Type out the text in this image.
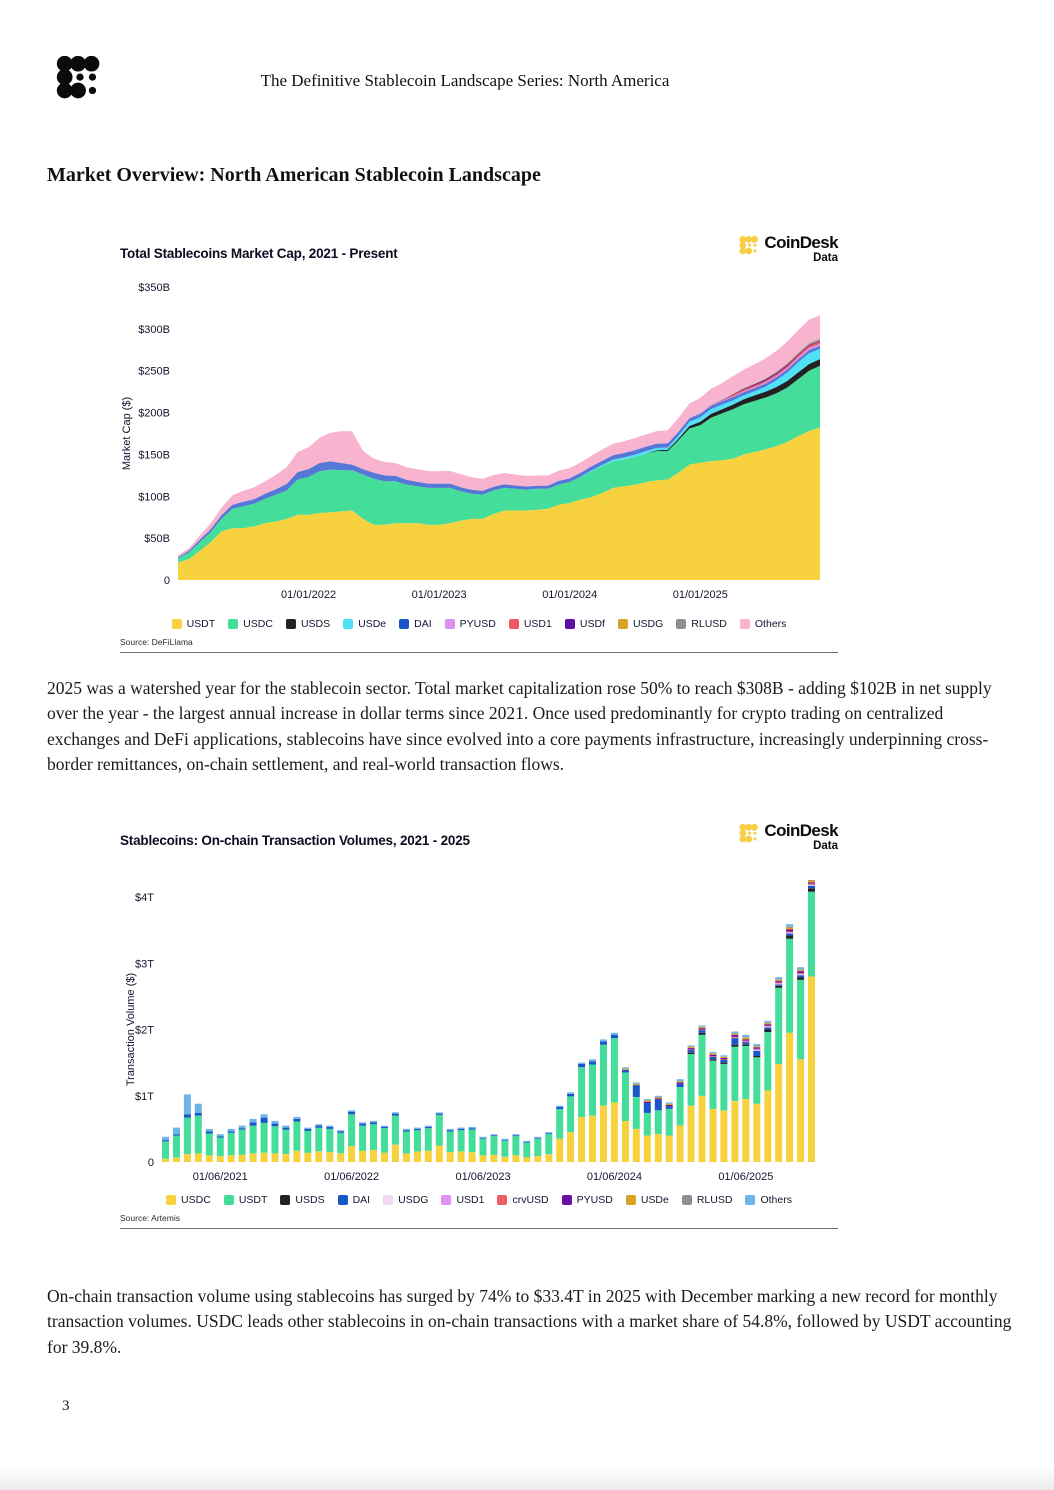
The Definitive Stablecoin Landscape Series: North America
Market Overview: North American Stablecoin Landscape
Total Stablecoins Market Cap, 2021 - Present
CoinDesk
Data
$350B
$300B
$250B
$200B
$150B
$100B
$50B
0
Market Cap ($)
01/01/2022	01/01/2023	01/01/2024	01/01/2025
USDT	USDC	USDS	USDe	DAI	PYUSD	USD1	USDf	USDG	RLUSD	Others
Source: DeFiLlama

2025 was a watershed year for the stablecoin sector. Total market capitalization rose 50% to reach $308B - adding $102B in net supply over the year - the largest annual increase in dollar terms since 2021. Once used predominantly for crypto trading on centralized exchanges and DeFi applications, stablecoins have since evolved into a core payments infrastructure, increasingly underpinning cross-border remittances, on-chain settlement, and real-world transaction flows.

Stablecoins: On-chain Transaction Volumes, 2021 - 2025
CoinDesk
Data
$4T
$3T
$2T
$1T
0
Transaction Volume ($)
01/06/2021	01/06/2022	01/06/2023	01/06/2024	01/06/2025
USDC	USDT	USDS	DAI	USDG	USD1	crvUSD	PYUSD	USDe	RLUSD	Others
Source: Artemis

On-chain transaction volume using stablecoins has surged by 74% to $33.4T in 2025 with December marking a new record for monthly transaction volumes. USDC leads other stablecoins in on-chain transactions with a market share of 54.8%, followed by USDT accounting for 39.8%.

3
